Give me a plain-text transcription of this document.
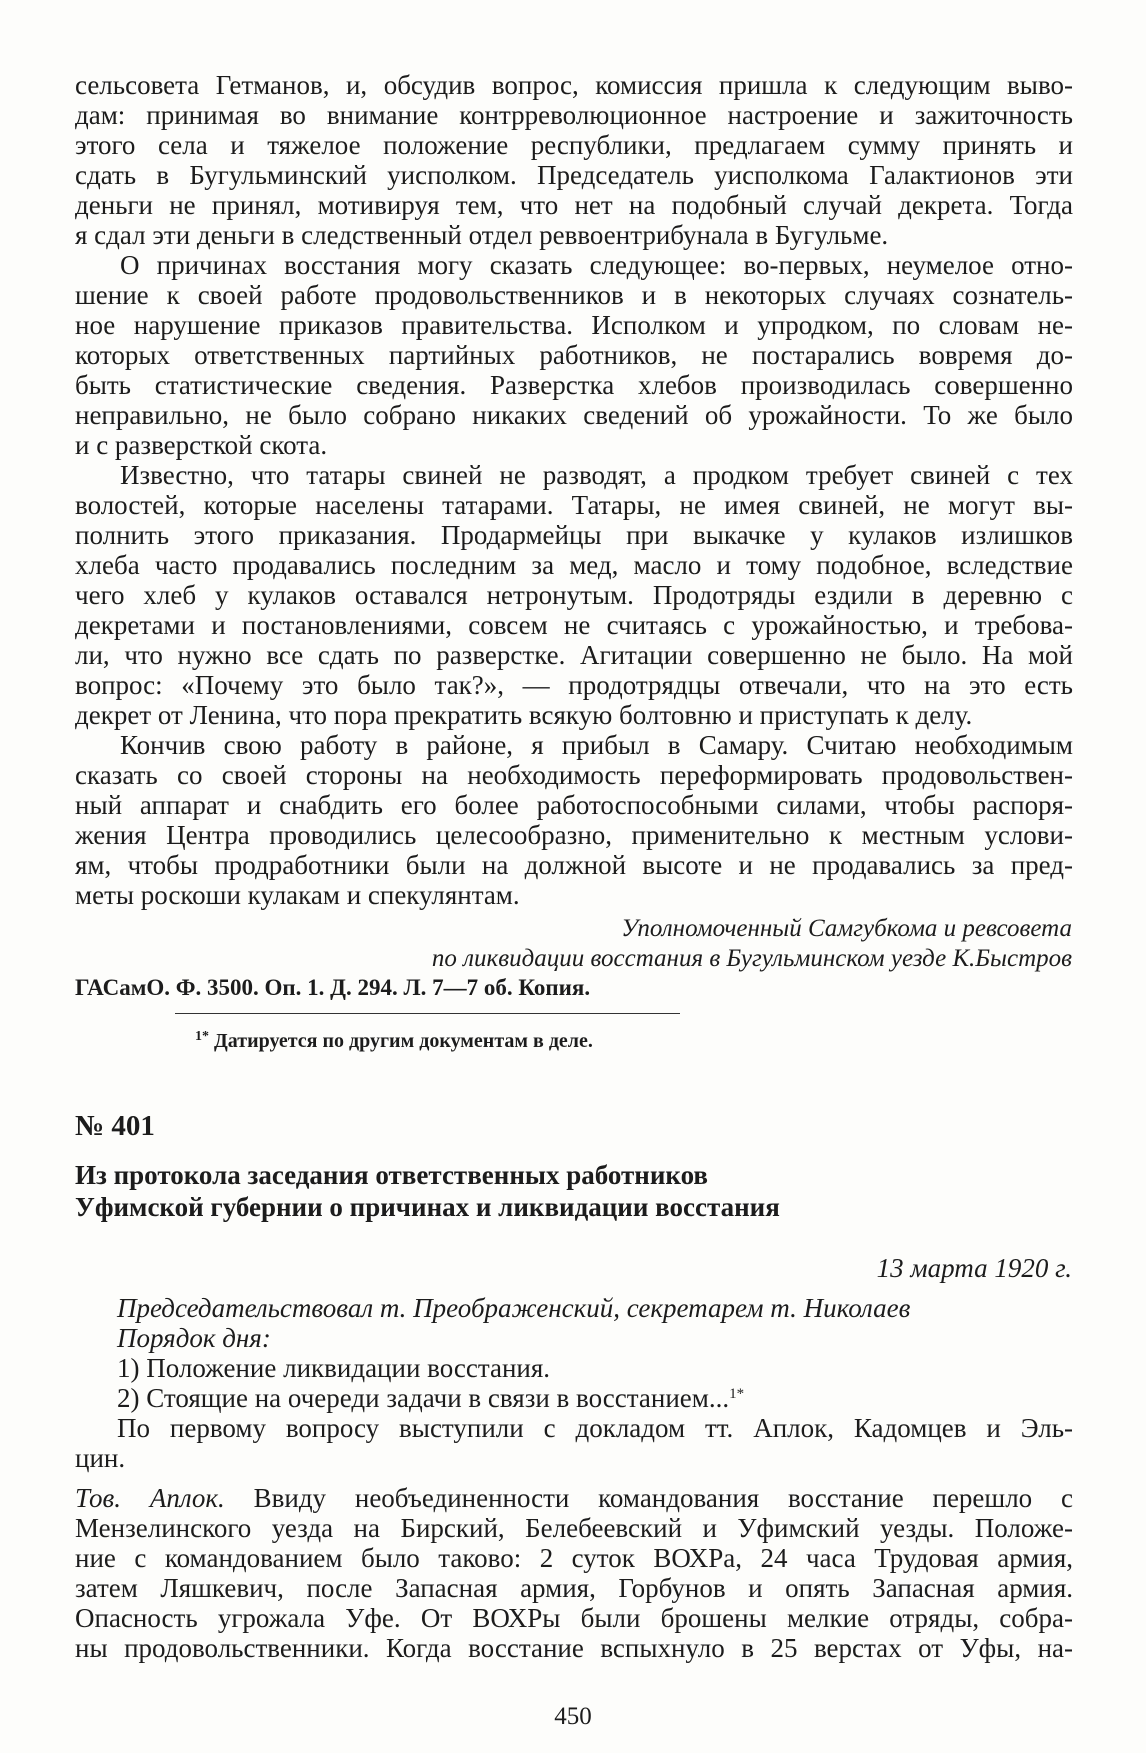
сельсовета Гетманов, и, обсудив вопрос, комиссия пришла к следующим выво-
дам: принимая во внимание контрреволюционное настроение и зажиточность
этого села и тяжелое положение республики, предлагаем сумму принять и
сдать в Бугульминский уисполком. Председатель уисполкома Галактионов эти
деньги не принял, мотивируя тем, что нет на подобный случай декрета. Тогда
я сдал эти деньги в следственный отдел реввоентрибунала в Бугульме.
О причинах восстания могу сказать следующее: во-первых, неумелое отно-
шение к своей работе продовольственников и в некоторых случаях сознатель-
ное нарушение приказов правительства. Исполком и упродком, по словам не-
которых ответственных партийных работников, не постарались вовремя до-
быть статистические сведения. Разверстка хлебов производилась совершенно
неправильно, не было собрано никаких сведений об урожайности. То же было
и с разверсткой скота.
Известно, что татары свиней не разводят, а продком требует свиней с тех
волостей, которые населены татарами. Татары, не имея свиней, не могут вы-
полнить этого приказания. Продармейцы при выкачке у кулаков излишков
хлеба часто продавались последним за мед, масло и тому подобное, вследствие
чего хлеб у кулаков оставался нетронутым. Продотряды ездили в деревню с
декретами и постановлениями, совсем не считаясь с урожайностью, и требова-
ли, что нужно все сдать по разверстке. Агитации совершенно не было. На мой
вопрос: «Почему это было так?», — продотрядцы отвечали, что на это есть
декрет от Ленина, что пора прекратить всякую болтовню и приступать к делу.
Кончив свою работу в районе, я прибыл в Самару. Считаю необходимым
сказать со своей стороны на необходимость переформировать продовольствен-
ный аппарат и снабдить его более работоспособными силами, чтобы распоря-
жения Центра проводились целесообразно, применительно к местным услови-
ям, чтобы продработники были на должной высоте и не продавались за пред-
меты роскоши кулакам и спекулянтам.
Уполномоченный Самгубкома и ревсовета
по ликвидации восстания в Бугульминском уезде К.Быстров
ГАСамО. Ф. 3500. Оп. 1. Д. 294. Л. 7—7 об. Копия.
$^{1*}$ Датируется по другим документам в деле.
№ 401
Из протокола заседания ответственных работников
Уфимской губернии о причинах и ликвидации восстания
13 марта 1920 г.
Председательствовал т. Преображенский, секретарем т. Николаев
Порядок дня:
1) Положение ликвидации восстания.
2) Стоящие на очереди задачи в связи в восстанием...$^{1*}$
По первому вопросу выступили с докладом тт. Аплок, Кадомцев и Эль-
цин.
Тов. Аплок. Ввиду необъединенности командования восстание перешло с
Мензелинского уезда на Бирский, Белебеевский и Уфимский уезды. Положе-
ние с командованием было таково: 2 суток ВОХРа, 24 часа Трудовая армия,
затем Ляшкевич, после Запасная армия, Горбунов и опять Запасная армия.
Опасность угрожала Уфе. От ВОХРы были брошены мелкие отряды, собра-
ны продовольственники. Когда восстание вспыхнуло в 25 верстах от Уфы, на-
450
